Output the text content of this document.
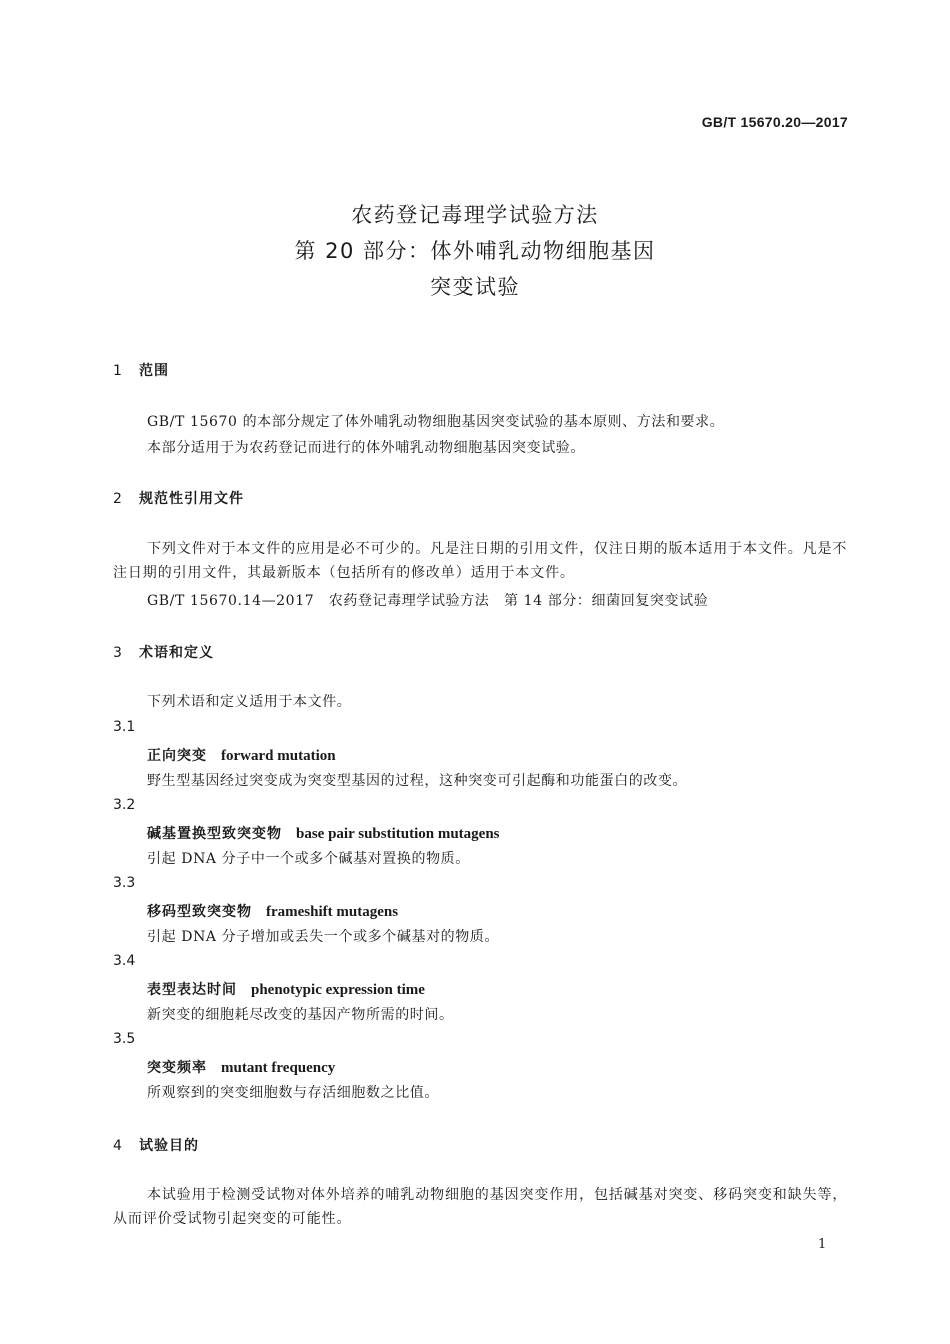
GB/T 15670.20—2017
农药登记毒理学试验方法
第 20 部分：体外哺乳动物细胞基因
突变试验
1 范围
GB/T 15670 的本部分规定了体外哺乳动物细胞基因突变试验的基本原则、方法和要求。
本部分适用于为农药登记而进行的体外哺乳动物细胞基因突变试验。
2 规范性引用文件
下列文件对于本文件的应用是必不可少的。凡是注日期的引用文件，仅注日期的版本适用于本文件。凡是不注日期的引用文件，其最新版本（包括所有的修改单）适用于本文件。
GB/T 15670.14—2017　农药登记毒理学试验方法　第 14 部分：细菌回复突变试验
3 术语和定义
下列术语和定义适用于本文件。
3.1
正向突变 forward mutation
野生型基因经过突变成为突变型基因的过程，这种突变可引起酶和功能蛋白的改变。
3.2
碱基置换型致突变物 base pair substitution mutagens
引起 DNA 分子中一个或多个碱基对置换的物质。
3.3
移码型致突变物 frameshift mutagens
引起 DNA 分子增加或丢失一个或多个碱基对的物质。
3.4
表型表达时间 phenotypic expression time
新突变的细胞耗尽改变的基因产物所需的时间。
3.5
突变频率 mutant frequency
所观察到的突变细胞数与存活细胞数之比值。
4 试验目的
本试验用于检测受试物对体外培养的哺乳动物细胞的基因突变作用，包括碱基对突变、移码突变和缺失等，从而评价受试物引起突变的可能性。
1
